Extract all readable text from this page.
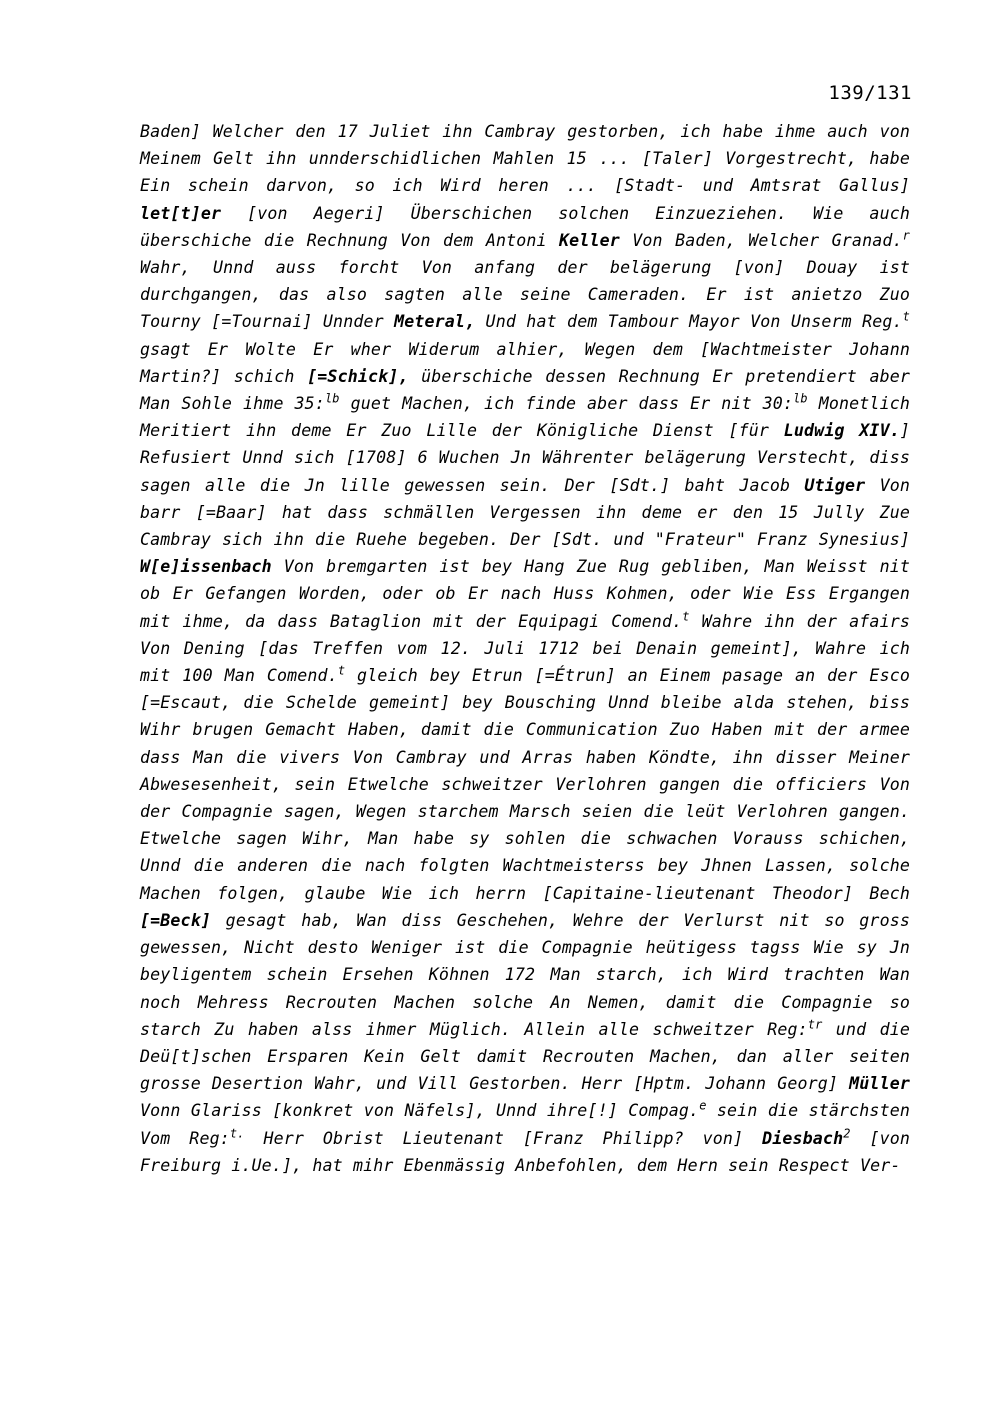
139/131
Baden] Welcher den 17 Juliet ihn Cambray gestorben, ich habe ihme auch von Meinem Gelt ihn unnderschidlichen Mahlen 15 ... [Taler] Vorgestrecht, habe Ein schein darvon, so ich Wird heren ... [Stadt- und Amtsrat Gallus] let[t]er [von Aegeri] Überschichen solchen Einzueziehen. Wie auch überschiche die Rechnung Von dem Antoni Keller Von Baden, Welcher Granad.$^r$ Wahr, Unnd auss forcht Von anfang der belägerung [von] Douay ist durchgangen, das also sagten alle seine Cameraden. Er ist anietzo Zuo Tourny [=Tournai] Unnder Meteral, Und hat dem Tambour Mayor Von Unserm Reg.$^t$ gsagt Er Wolte Er wher Widerum alhier, Wegen dem [Wachtmeister Johann Martin?] schich [=Schick], überschiche dessen Rechnung Er pretendiert aber Man Sohle ihme 35:$^{lb}$ guet Machen, ich finde aber dass Er nit 30:$^{lb}$ Monetlich Meritiert ihn deme Er Zuo Lille der Königliche Dienst [für Ludwig XIV.] Refusiert Unnd sich [1708] 6 Wuchen Jn Währenter belägerung Verstecht, diss sagen alle die Jn lille gewessen sein. Der [Sdt.] baht Jacob Utiger Von barr [=Baar] hat dass schmällen Vergessen ihn deme er den 15 Jully Zue Cambray sich ihn die Ruehe begeben. Der [Sdt. und "Frateur" Franz Synesius] W[e]issenbach Von bremgarten ist bey Hang Zue Rug gebliben, Man Weisst nit ob Er Gefangen Worden, oder ob Er nach Huss Kohmen, oder Wie Ess Ergangen mit ihme, da dass Bataglion mit der Equipagi Comend.$^t$ Wahre ihn der afairs Von Dening [das Treffen vom 12. Juli 1712 bei Denain gemeint], Wahre ich mit 100 Man Comend.$^t$ gleich bey Etrun [=Étrun] an Einem pasage an der Esco [=Escaut, die Schelde gemeint] bey Bousching Unnd bleibe alda stehen, biss Wihr brugen Gemacht Haben, damit die Communication Zuo Haben mit der armee dass Man die vivers Von Cambray und Arras haben Köndte, ihn disser Meiner Abwesesenheit, sein Etwelche schweitzer Verlohren gangen die officiers Von der Compagnie sagen, Wegen starchem Marsch seien die leüt Verlohren gangen. Etwelche sagen Wihr, Man habe sy sohlen die schwachen Vorauss schichen, Unnd die anderen die nach folgten Wachtmeisterss bey Jhnen Lassen, solche Machen folgen, glaube Wie ich herrn [Capitaine-lieutenant Theodor] Bech [=Beck] gesagt hab, Wan diss Geschehen, Wehre der Verlurst nit so gross gewessen, Nicht desto Weniger ist die Compagnie heütigess tagss Wie sy Jn beyligentem schein Ersehen Köhnen 172 Man starch, ich Wird trachten Wan noch Mehress Recrouten Machen solche An Nemen, damit die Compagnie so starch Zu haben alss ihmer Müglich. Allein alle schweitzer Reg:$^{tr}$ und die Deü[t]schen Ersparen Kein Gelt damit Recrouten Machen, dan aller seiten grosse Desertion Wahr, und Vill Gestorben. Herr [Hptm. Johann Georg] Müller Vonn Glariss [konkret von Näfels], Unnd ihre[!] Compag.$^e$ sein die stärchsten Vom Reg:$^{t.}$ Herr Obrist Lieutenant [Franz Philipp? von] Diesbach$^2$ [von Freiburg i.Ue.], hat mihr Ebenmässig Anbefohlen, dem Hern sein Respect Ver-
